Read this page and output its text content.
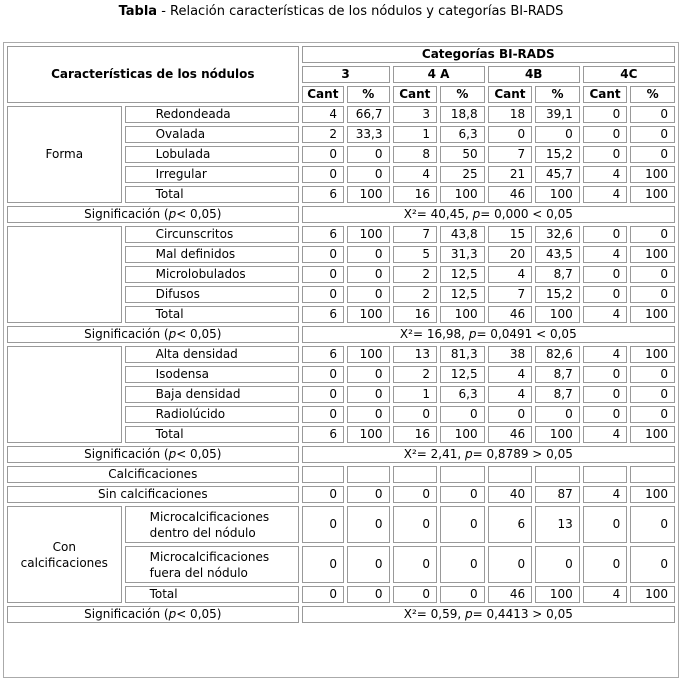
Tabla - Relación características de los nódulos y categorías BI-RADS
Características de los nódulos		Categorías BI-RADS							
		3		4 A		4B		4C	
		Cant	%	Cant	%	Cant	%	Cant	%
Forma	Redondeada	4	66,7	3	18,8	18	39,1	0	0
	Ovalada	2	33,3	1	6,3	0	0	0	0
	Lobulada	0	0	8	50	7	15,2	0	0
	Irregular	0	0	4	25	21	45,7	4	100
	Total	6	100	16	100	46	100	4	100
Significación (p< 0,05)		X²= 40,45, p= 0,000 < 0,05							
	Circunscritos	6	100	7	43,8	15	32,6	0	0
	Mal definidos	0	0	5	31,3	20	43,5	4	100
	Microlobulados	0	0	2	12,5	4	8,7	0	0
	Difusos	0	0	2	12,5	7	15,2	0	0
	Total	6	100	16	100	46	100	4	100
Significación (p< 0,05)		X²= 16,98, p= 0,0491 < 0,05							
	Alta densidad	6	100	13	81,3	38	82,6	4	100
	Isodensa	0	0	2	12,5	4	8,7	0	0
	Baja densidad	0	0	1	6,3	4	8,7	0	0
	Radiolúcido	0	0	0	0	0	0	0	0
	Total	6	100	16	100	46	100	4	100
Significación (p< 0,05)		X²= 2,41, p= 0,8789 > 0,05							
Calcificaciones									
Sin calcificaciones		0	0	0	0	40	87	4	100
Con calcificaciones	Microcalcificaciones dentro del nódulo	0	0	0	0	6	13	0	0
	Microcalcificaciones fuera del nódulo	0	0	0	0	0	0	0	0
	Total	0	0	0	0	46	100	4	100
Significación (p< 0,05)		X²= 0,59, p= 0,4413 > 0,05							
